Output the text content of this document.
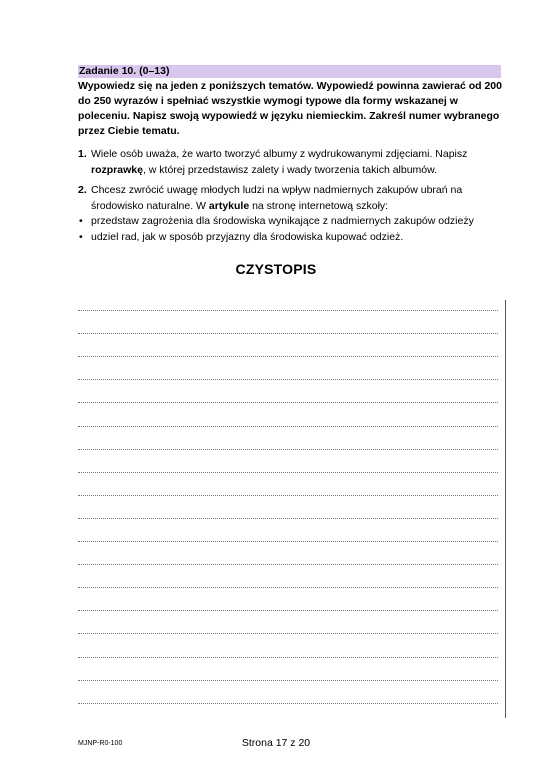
Zadanie 10. (0–13)
Wypowiedz się na jeden z poniższych tematów. Wypowiedź powinna zawierać od 200 do 250 wyrazów i spełniać wszystkie wymogi typowe dla formy wskazanej w poleceniu. Napisz swoją wypowiedź w języku niemieckim. Zakreśl numer wybranego przez Ciebie tematu.
1. Wiele osób uważa, że warto tworzyć albumy z wydrukowanymi zdjęciami. Napisz
rozprawkę, w której przedstawisz zalety i wady tworzenia takich albumów.
2. Chcesz zwrócić uwagę młodych ludzi na wpływ nadmiernych zakupów ubrań na
środowisko naturalne. W artykule na stronę internetową szkoły:
• przedstaw zagrożenia dla środowiska wynikające z nadmiernych zakupów odzieży
• udziel rad, jak w sposób przyjazny dla środowiska kupować odzież.
CZYSTOPIS
MJNP-R0-100	Strona 17 z 20
